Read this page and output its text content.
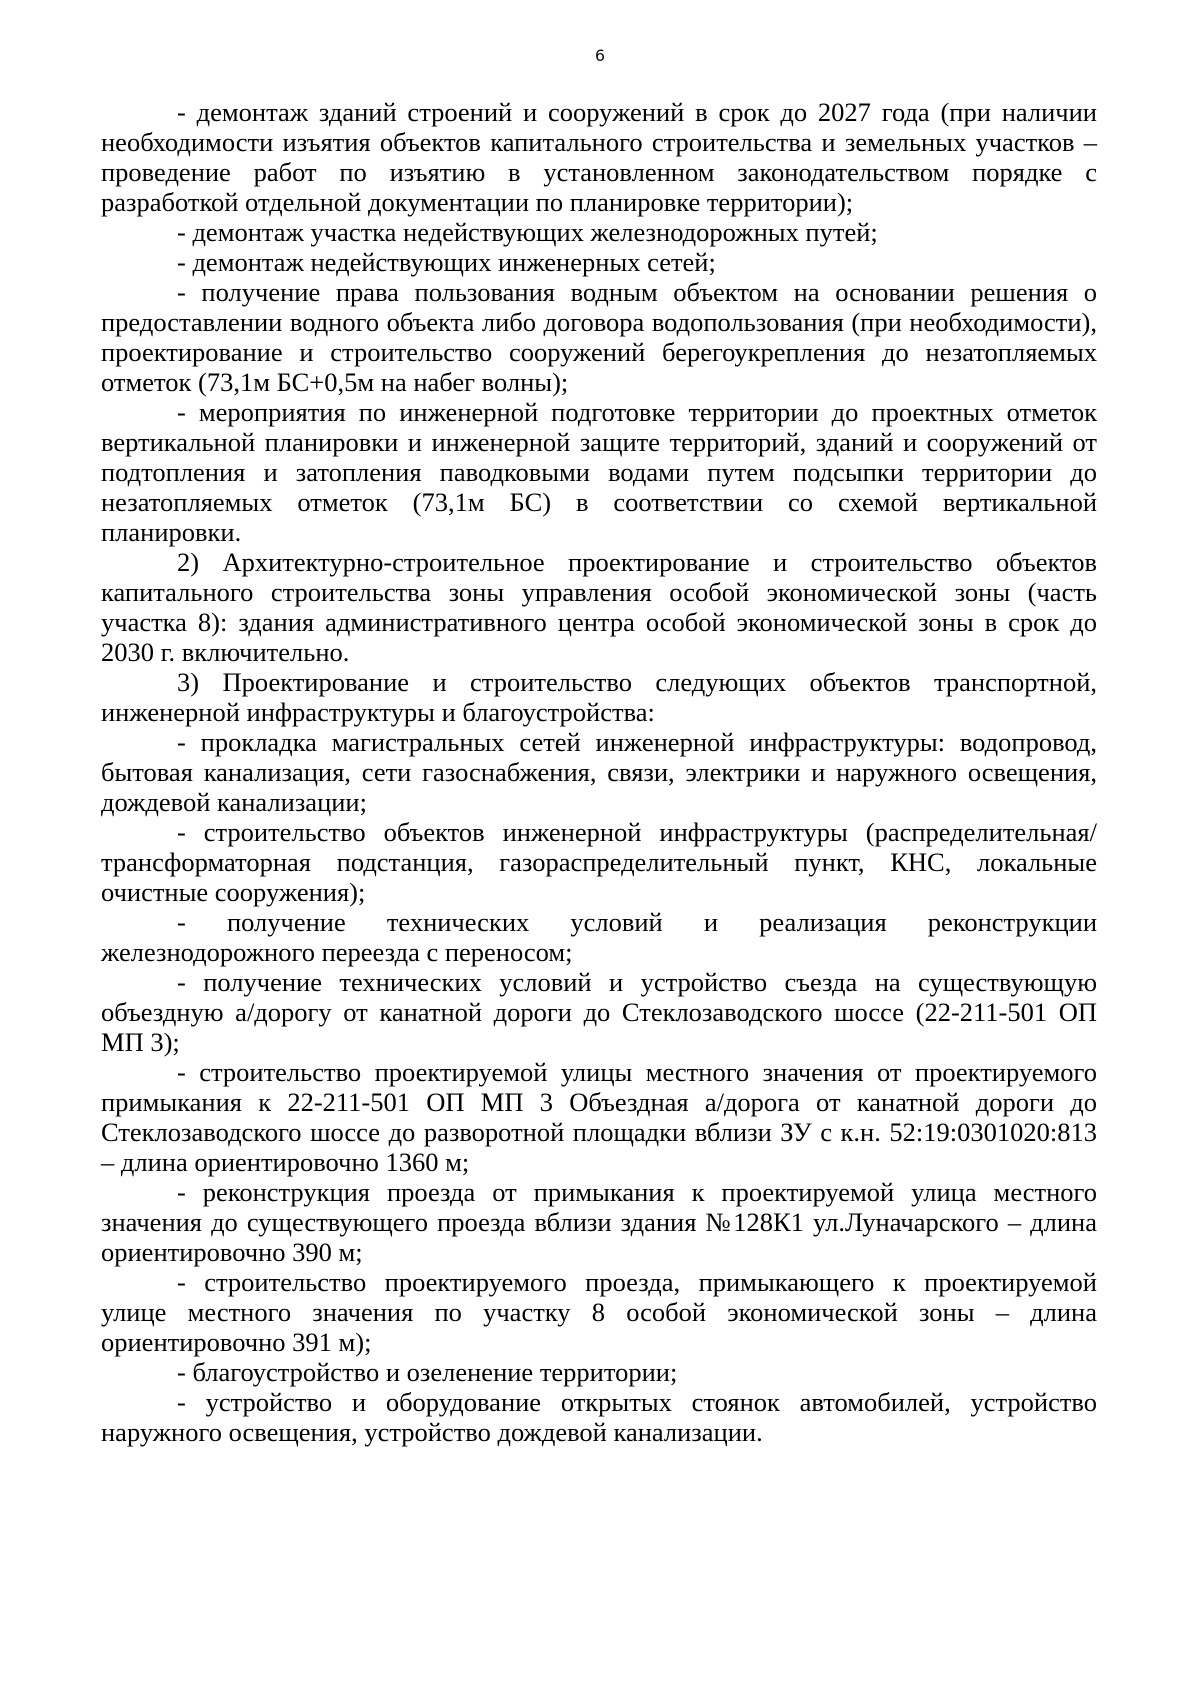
6

- демонтаж зданий строений и сооружений в срок до 2027 года (при наличии необходимости изъятия объектов капитального строительства и земельных участков – проведение работ по изъятию в установленном законодательством порядке с разработкой отдельной документации по планировке территории);

- демонтаж участка недействующих железнодорожных путей;

- демонтаж недействующих инженерных сетей;

- получение права пользования водным объектом на основании решения о предоставлении водного объекта либо договора водопользования (при необходимости), проектирование и строительство сооружений берегоукрепления до незатопляемых отметок (73,1м БС+0,5м на набег волны);

- мероприятия по инженерной подготовке территории до проектных отметок вертикальной планировки и инженерной защите территорий, зданий и сооружений от подтопления и затопления паводковыми водами путем подсыпки территории до незатопляемых отметок (73,1м БС) в соответствии со схемой вертикальной планировки.

2) Архитектурно-строительное проектирование и строительство объектов капитального строительства зоны управления особой экономической зоны (часть участка 8): здания административного центра особой экономической зоны в срок до 2030 г. включительно.

3) Проектирование и строительство следующих объектов транспортной, инженерной инфраструктуры и благоустройства:

- прокладка магистральных сетей инженерной инфраструктуры: водопровод, бытовая канализация, сети газоснабжения, связи, электрики и наружного освещения, дождевой канализации;

- строительство объектов инженерной инфраструктуры (распределительная/трансформаторная подстанция, газораспределительный пункт, КНС, локальные очистные сооружения);

- получение технических условий и реализация реконструкции железнодорожного переезда с переносом;

- получение технических условий и устройство съезда на существующую объездную а/дорогу от канатной дороги до Стеклозаводского шоссе (22-211-501 ОП МП 3);

- строительство проектируемой улицы местного значения от проектируемого примыкания к 22-211-501 ОП МП 3 Объездная а/дорога от канатной дороги до Стеклозаводского шоссе до разворотной площадки вблизи ЗУ с к.н. 52:19:0301020:813 – длина ориентировочно 1360 м;

- реконструкция проезда от примыкания к проектируемой улица местного значения до существующего проезда вблизи здания №128К1 ул.Луначарского – длина ориентировочно 390 м;

- строительство проектируемого проезда, примыкающего к проектируемой улице местного значения по участку 8 особой экономической зоны – длина ориентировочно 391 м);

- благоустройство и озеленение территории;

- устройство и оборудование открытых стоянок автомобилей, устройство наружного освещения, устройство дождевой канализации.
